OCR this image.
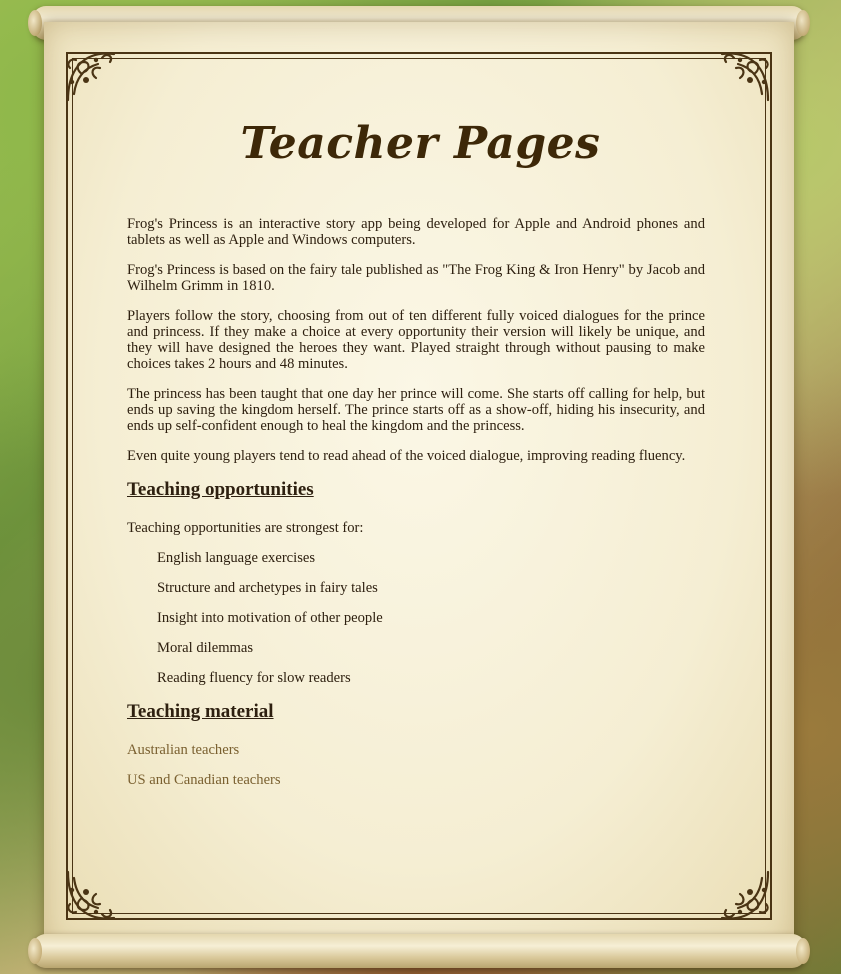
Teacher Pages

Frog's Princess is an interactive story app being developed for Apple and Android phones and tablets as well as Apple and Windows computers.

Frog's Princess is based on the fairy tale published as "The Frog King & Iron Henry" by Jacob and Wilhelm Grimm in 1810.

Players follow the story, choosing from out of ten different fully voiced dialogues for the prince and princess. If they make a choice at every opportunity their version will likely be unique, and they will have designed the heroes they want. Played straight through without pausing to make choices takes 2 hours and 48 minutes.

The princess has been taught that one day her prince will come. She starts off calling for help, but ends up saving the kingdom herself. The prince starts off as a show-off, hiding his insecurity, and ends up self-confident enough to heal the kingdom and the princess.

Even quite young players tend to read ahead of the voiced dialogue, improving reading fluency.

Teaching opportunities
Teaching opportunities are strongest for:
English language exercises
Structure and archetypes in fairy tales
Insight into motivation of other people
Moral dilemmas
Reading fluency for slow readers
Teaching material
Australian teachers
US and Canadian teachers
